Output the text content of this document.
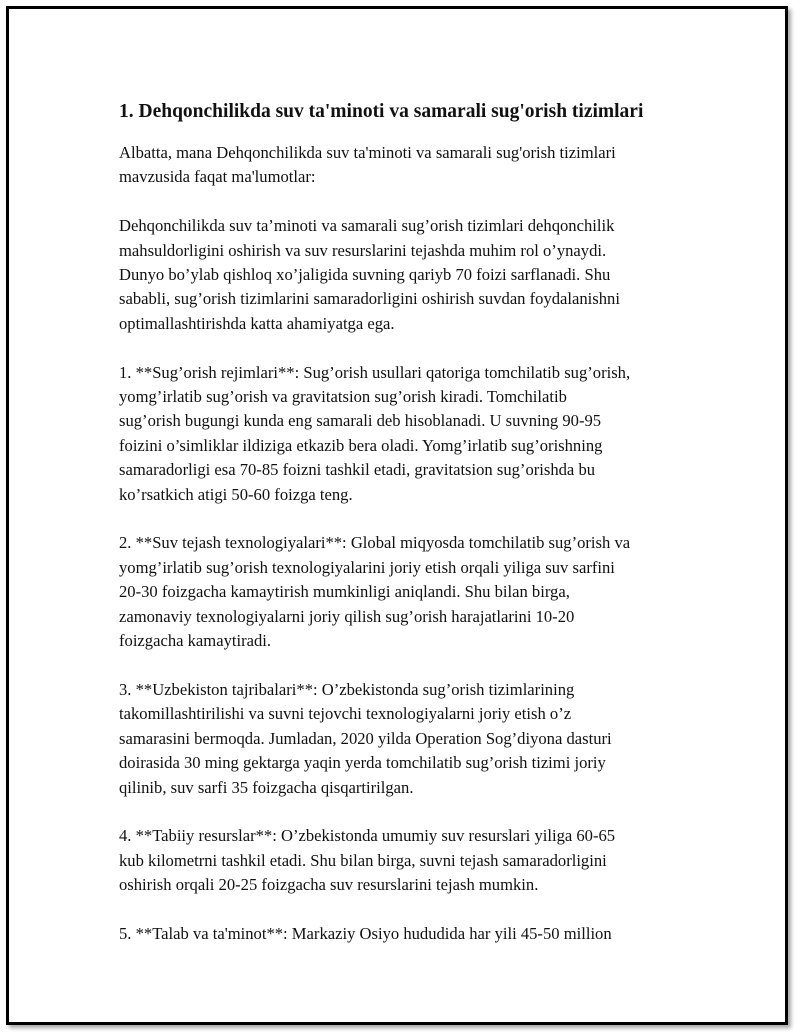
1. Dehqonchilikda suv ta'minoti va samarali sug'orish tizimlari
Albatta, mana Dehqonchilikda suv ta'minoti va samarali sug'orish tizimlari
mavzusida faqat ma'lumotlar:
Dehqonchilikda suv ta’minoti va samarali sug’orish tizimlari dehqonchilik
mahsuldorligini oshirish va suv resurslarini tejashda muhim rol o’ynaydi.
Dunyo bo’ylab qishloq xo’jaligida suvning qariyb 70 foizi sarflanadi. Shu
sababli, sug’orish tizimlarini samaradorligini oshirish suvdan foydalanishni
optimallashtirishda katta ahamiyatga ega.
1. **Sug’orish rejimlari**: Sug’orish usullari qatoriga tomchilatib sug’orish,
yomg’irlatib sug’orish va gravitatsion sug’orish kiradi. Tomchilatib
sug’orish bugungi kunda eng samarali deb hisoblanadi. U suvning 90-95
foizini o’simliklar ildiziga etkazib bera oladi. Yomg’irlatib sug’orishning
samaradorligi esa 70-85 foizni tashkil etadi, gravitatsion sug’orishda bu
ko’rsatkich atigi 50-60 foizga teng.
2. **Suv tejash texnologiyalari**: Global miqyosda tomchilatib sug’orish va
yomg’irlatib sug’orish texnologiyalarini joriy etish orqali yiliga suv sarfini
20-30 foizgacha kamaytirish mumkinligi aniqlandi. Shu bilan birga,
zamonaviy texnologiyalarni joriy qilish sug’orish harajatlarini 10-20
foizgacha kamaytiradi.
3. **Uzbekiston tajribalari**: O’zbekistonda sug’orish tizimlarining
takomillashtirilishi va suvni tejovchi texnologiyalarni joriy etish o’z
samarasini bermoqda. Jumladan, 2020 yilda Operation Sog’diyona dasturi
doirasida 30 ming gektarga yaqin yerda tomchilatib sug’orish tizimi joriy
qilinib, suv sarfi 35 foizgacha qisqartirilgan.
4. **Tabiiy resurslar**: O’zbekistonda umumiy suv resurslari yiliga 60-65
kub kilometrni tashkil etadi. Shu bilan birga, suvni tejash samaradorligini
oshirish orqali 20-25 foizgacha suv resurslarini tejash mumkin.
5. **Talab va ta'minot**: Markaziy Osiyo hududida har yili 45-50 million
